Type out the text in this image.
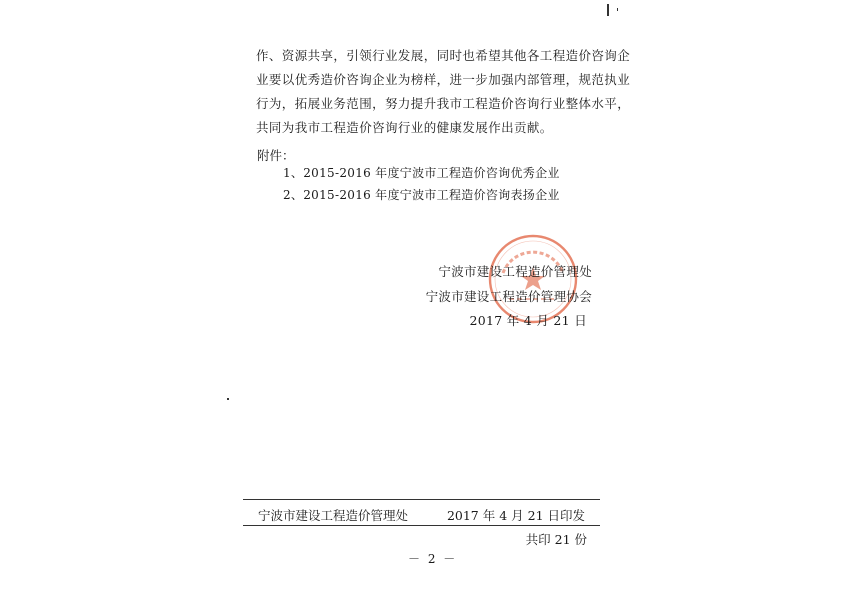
作、资源共享，引领行业发展，同时也希望其他各工程造价咨询企
业要以优秀造价咨询企业为榜样，进一步加强内部管理，规范执业
行为，拓展业务范围，努力提升我市工程造价咨询行业整体水平，
共同为我市工程造价咨询行业的健康发展作出贡献。
附件：
1、2015-2016 年度宁波市工程造价咨询优秀企业
2、2015-2016 年度宁波市工程造价咨询表扬企业
宁波市建设工程造价管理处
宁波市建设工程造价管理协会
2017 年 4 月 21 日
宁波市建设工程造价管理处	2017 年 4 月 21 日印发
共印 21 份
－ 2 －
